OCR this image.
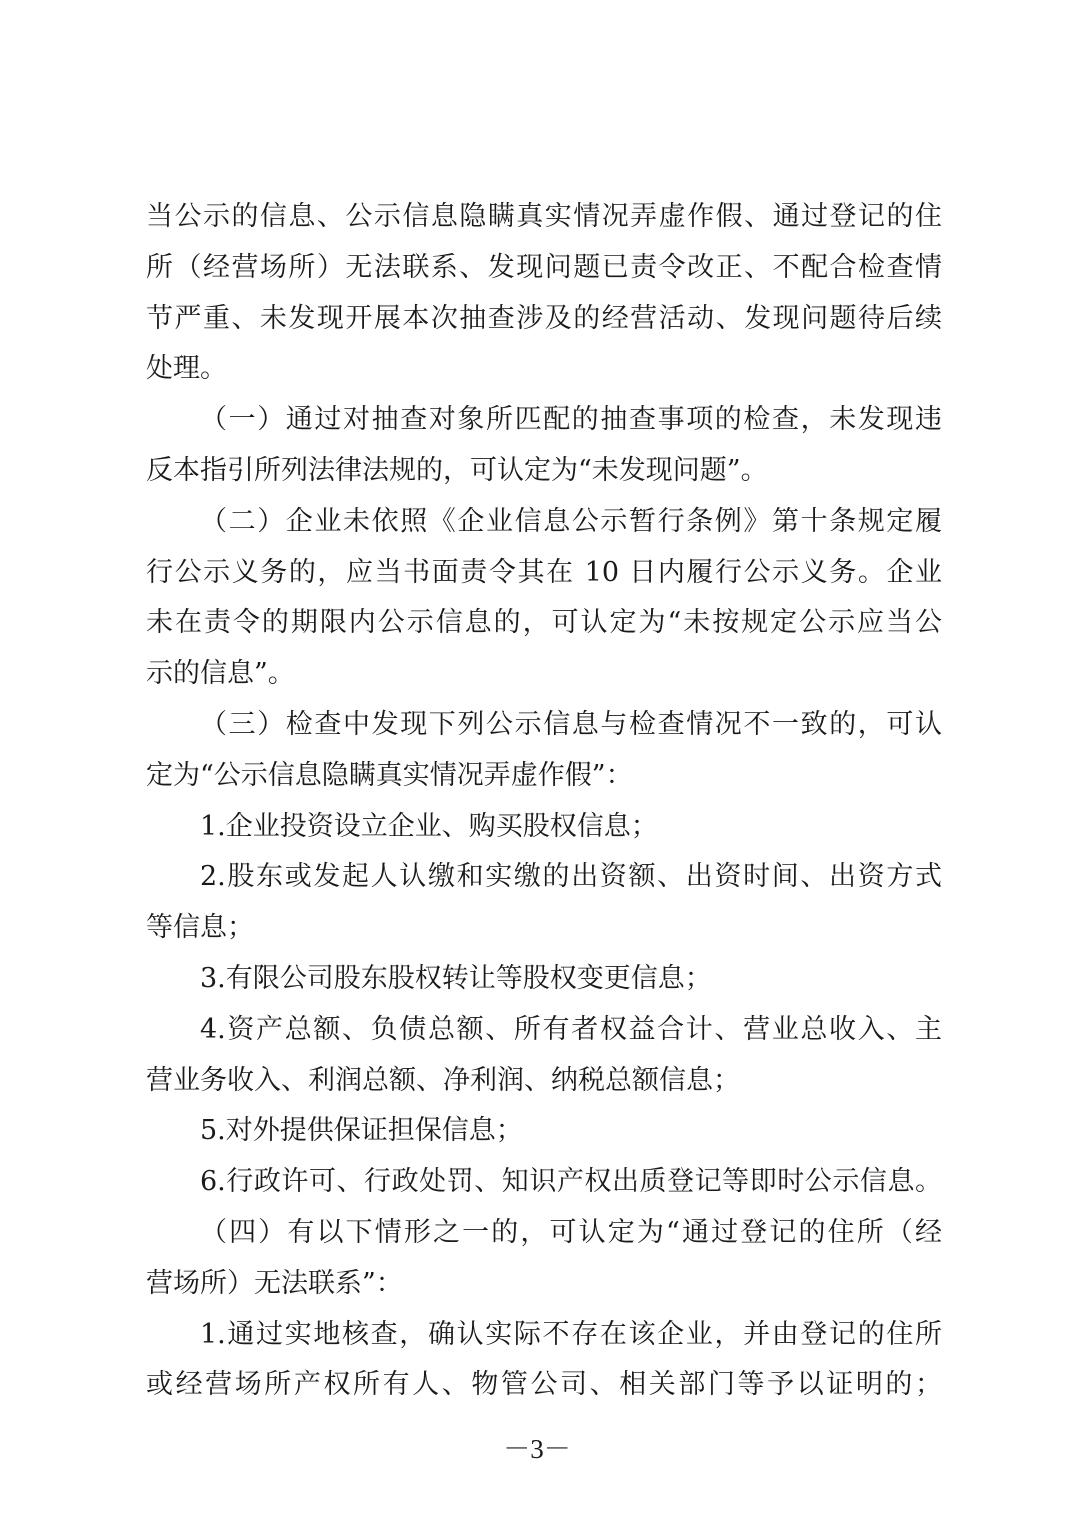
当公示的信息、公示信息隐瞒真实情况弄虚作假、通过登记的住
所（经营场所）无法联系、发现问题已责令改正、不配合检查情
节严重、未发现开展本次抽查涉及的经营活动、发现问题待后续
处理。
（一）通过对抽查对象所匹配的抽查事项的检查，未发现违
反本指引所列法律法规的，可认定为“未发现问题”。
（二）企业未依照《企业信息公示暂行条例》第十条规定履
行公示义务的，应当书面责令其在 10 日内履行公示义务。企业
未在责令的期限内公示信息的，可认定为“未按规定公示应当公
示的信息”。
（三）检查中发现下列公示信息与检查情况不一致的，可认
定为“公示信息隐瞒真实情况弄虚作假”：
1.企业投资设立企业、购买股权信息；
2.股东或发起人认缴和实缴的出资额、出资时间、出资方式
等信息；
3.有限公司股东股权转让等股权变更信息；
4.资产总额、负债总额、所有者权益合计、营业总收入、主
营业务收入、利润总额、净利润、纳税总额信息；
5.对外提供保证担保信息；
6.行政许可、行政处罚、知识产权出质登记等即时公示信息。
（四）有以下情形之一的，可认定为“通过登记的住所（经
营场所）无法联系”：
1.通过实地核查，确认实际不存在该企业，并由登记的住所
或经营场所产权所有人、物管公司、相关部门等予以证明的；
－3－
